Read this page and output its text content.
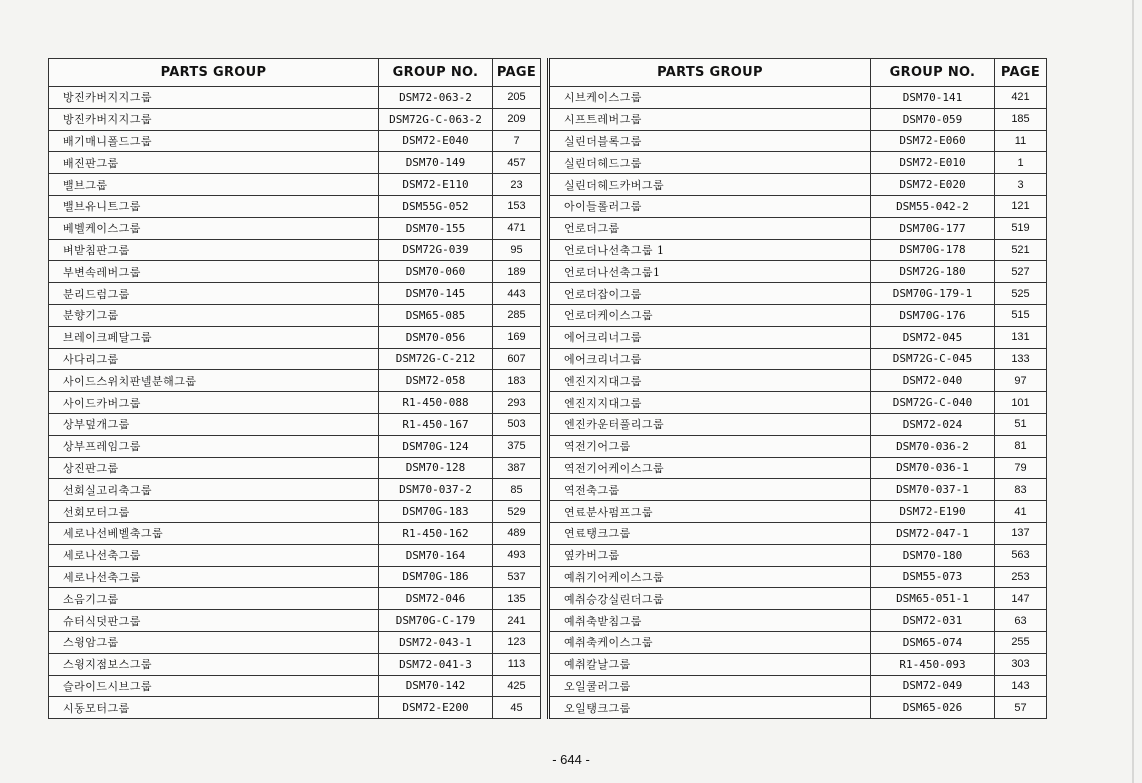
PARTS GROUP	GROUP NO.	PAGE
방진카버지지그룹	DSM72-063-2	205
방진카버지지그룹	DSM72G-C-063-2	209
배기매니폴드그룹	DSM72-E040	7
배진판그룹	DSM70-149	457
밸브그룹	DSM72-E110	23
밸브유니트그룹	DSM55G-052	153
베벨케이스그룹	DSM70-155	471
벼받침판그룹	DSM72G-039	95
부변속레버그룹	DSM70-060	189
분리드럼그룹	DSM70-145	443
분향기그룹	DSM65-085	285
브레이크페달그룹	DSM70-056	169
사다리그룹	DSM72G-C-212	607
사이드스위치판넬분해그룹	DSM72-058	183
사이드카버그룹	R1-450-088	293
상부덮개그룹	R1-450-167	503
상부프레임그룹	DSM70G-124	375
상진판그룹	DSM70-128	387
선회실고리축그룹	DSM70-037-2	85
선회모터그룹	DSM70G-183	529
세로나선베벨축그룹	R1-450-162	489
세로나선축그룹	DSM70-164	493
세로나선축그룹	DSM70G-186	537
소음기그룹	DSM72-046	135
슈터식덧판그룹	DSM70G-C-179	241
스윙암그룹	DSM72-043-1	123
스윙지점보스그룹	DSM72-041-3	113
슬라이드시브그룹	DSM70-142	425
시동모터그룹	DSM72-E200	45
PARTS GROUP	GROUP NO.	PAGE
시브케이스그룹	DSM70-141	421
시프트레버그룹	DSM70-059	185
실린더블록그룹	DSM72-E060	11
실린더헤드그룹	DSM72-E010	1
실린더헤드카버그룹	DSM72-E020	3
아이들롤러그룹	DSM55-042-2	121
언로더그룹	DSM70G-177	519
언로더나선축그룹 1	DSM70G-178	521
언로더나선축그룹1	DSM72G-180	527
언로더잡이그룹	DSM70G-179-1	525
언로더케이스그룹	DSM70G-176	515
에어크리너그룹	DSM72-045	131
에어크리너그룹	DSM72G-C-045	133
엔진지지대그룹	DSM72-040	97
엔진지지대그룹	DSM72G-C-040	101
엔진카운터풀리그룹	DSM72-024	51
역전기어그룹	DSM70-036-2	81
역전기어케이스그룹	DSM70-036-1	79
역전축그룹	DSM70-037-1	83
연료분사펌프그룹	DSM72-E190	41
연료탱크그룹	DSM72-047-1	137
옆카버그룹	DSM70-180	563
예취기어케이스그룹	DSM55-073	253
예취승강실린더그룹	DSM65-051-1	147
예취축받침그룹	DSM72-031	63
예취축케이스그룹	DSM65-074	255
예취칼날그룹	R1-450-093	303
오일쿨러그룹	DSM72-049	143
오일탱크그룹	DSM65-026	57
- 644 -
